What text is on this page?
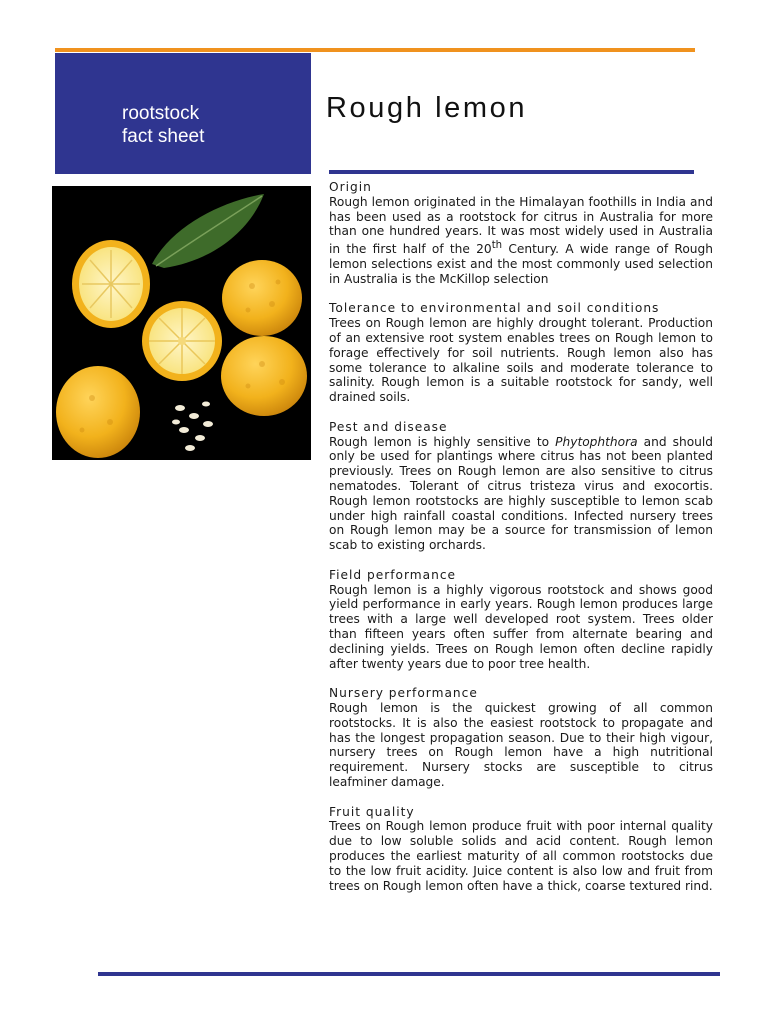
rootstock
fact sheet
Rough lemon
Origin

Rough lemon originated in the Himalayan foothills in India and has been used as a rootstock for citrus in Australia for more than one hundred years. It was most widely used in Australia in the first half of the 20th Century. A wide range of Rough lemon selections exist and the most commonly used selection in Australia is the McKillop selection

Tolerance to environmental and soil conditions

Trees on Rough lemon are highly drought tolerant. Production of an extensive root system enables trees on Rough lemon to forage effectively for soil nutrients. Rough lemon also has some tolerance to alkaline soils and moderate tolerance to salinity. Rough lemon is a suitable rootstock for sandy, well drained soils.

Pest and disease

Rough lemon is highly sensitive to Phytophthora and should only be used for plantings where citrus has not been planted previously. Trees on Rough lemon are also sensitive to citrus nematodes. Tolerant of citrus tristeza virus and exocortis. Rough lemon rootstocks are highly susceptible to lemon scab under high rainfall coastal conditions. Infected nursery trees on Rough lemon may be a source for transmission of lemon scab to existing orchards.

Field performance

Rough lemon is a highly vigorous rootstock and shows good yield performance in early years. Rough lemon produces large trees with a large well developed root system. Trees older than fifteen years often suffer from alternate bearing and declining yields. Trees on Rough lemon often decline rapidly after twenty years due to poor tree health.

Nursery performance

Rough lemon is the quickest growing of all common rootstocks. It is also the easiest rootstock to propagate and has the longest propagation season. Due to their high vigour, nursery trees on Rough lemon have a high nutritional requirement. Nursery stocks are susceptible to citrus leafminer damage.

Fruit quality

Trees on Rough lemon produce fruit with poor internal quality due to low soluble solids and acid content. Rough lemon produces the earliest maturity of all common rootstocks due to the low fruit acidity. Juice content is also low and fruit from trees on Rough lemon often have a thick, coarse textured rind.
